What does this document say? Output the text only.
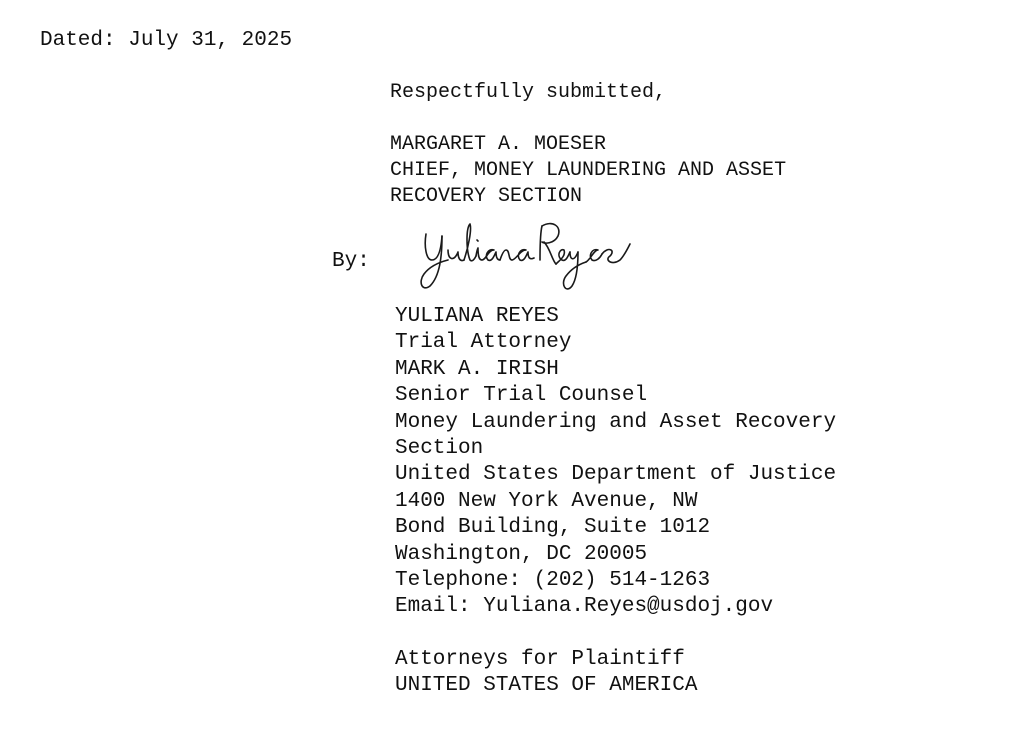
Dated: July 31, 2025
Respectfully submitted,
MARGARET A. MOESER
CHIEF, MONEY LAUNDERING AND ASSET
RECOVERY SECTION
By:
YULIANA REYES
Trial Attorney
MARK A. IRISH
Senior Trial Counsel
Money Laundering and Asset Recovery
Section
United States Department of Justice
1400 New York Avenue, NW
Bond Building, Suite 1012
Washington, DC 20005
Telephone: (202) 514-1263
Email: Yuliana.Reyes@usdoj.gov
Attorneys for Plaintiff
UNITED STATES OF AMERICA
